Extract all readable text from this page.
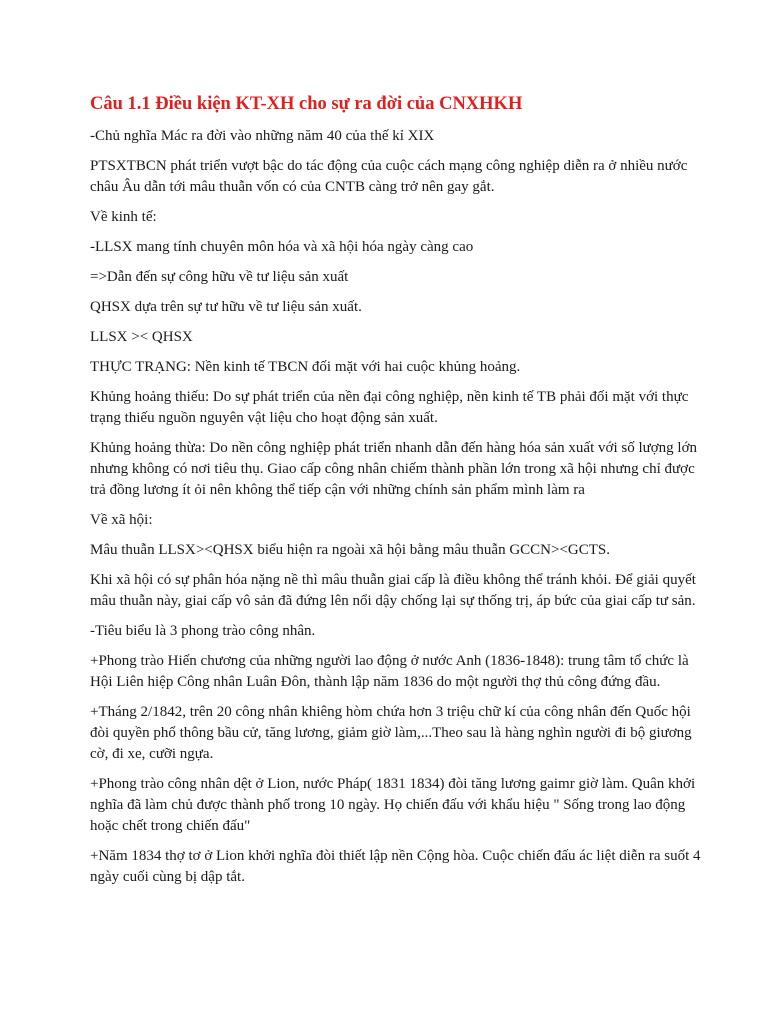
Câu 1.1 Điều kiện KT-XH cho sự ra đời của CNXHKH

-Chủ nghĩa Mác ra đời vào những năm 40 của thế kỉ XIX

PTSXTBCN phát triển vượt bậc do tác động của cuộc cách mạng công nghiệp diễn ra ở nhiều nước châu Âu dẫn tới mâu thuẫn vốn có của CNTB càng trở nên gay gắt.

Về kinh tế:

-LLSX mang tính chuyên môn hóa và xã hội hóa ngày càng cao

=>Dẫn đến sự công hữu về tư liệu sản xuất

QHSX dựa trên sự tư hữu về tư liệu sản xuất.

LLSX >< QHSX

THỰC TRẠNG: Nền kinh tế TBCN đối mặt với hai cuộc khủng hoảng.

Khủng hoảng thiếu: Do sự phát triển của nền đại công nghiệp, nền kinh tế TB phải đối mặt với thực trạng thiếu nguồn nguyên vật liệu cho hoạt động sản xuất.

Khủng hoảng thừa: Do nền công nghiệp phát triển nhanh dẫn đến hàng hóa sản xuất với số lượng lớn nhưng không có nơi tiêu thụ. Giao cấp công nhân chiếm thành phần lớn trong xã hội nhưng chỉ được trả đồng lương ít ỏi nên không thể tiếp cận với những chính sản phẩm mình làm ra

Về xã hội:

Mâu thuẫn LLSX><QHSX biểu hiện ra ngoài xã hội bằng mâu thuẫn GCCN><GCTS.

Khi xã hội có sự phân hóa nặng nề thì mâu thuẫn giai cấp là điều không thể tránh khỏi. Để giải quyết mâu thuẫn này, giai cấp vô sản đã đứng lên nổi dậy chống lại sự thống trị, áp bức của giai cấp tư sản.

-Tiêu biểu là 3 phong trào công nhân.

+Phong trào Hiến chương của những người lao động ở nước Anh (1836-1848): trung tâm tổ chức là Hội Liên hiệp Công nhân Luân Đôn, thành lập năm 1836 do một người thợ thủ công đứng đầu.

+Tháng 2/1842, trên 20 công nhân khiêng hòm chứa hơn 3 triệu chữ kí của công nhân đến Quốc hội đòi quyền phổ thông bầu cử, tăng lương, giảm giờ làm,...Theo sau là hàng nghìn người đi bộ giương cờ, đi xe, cưỡi ngựa.

+Phong trào công nhân dệt ở Lion, nước Pháp( 1831 1834) đòi tăng lương gaimr giờ làm. Quân khởi nghĩa đã làm chủ được thành phố trong 10 ngày. Họ chiến đấu với khẩu hiệu " Sống trong lao động hoặc chết trong chiến đấu"

+Năm 1834 thợ tơ ở Lion khởi nghĩa đòi thiết lập nền Cộng hòa. Cuộc chiến đấu ác liệt diễn ra suốt 4 ngày cuối cùng bị dập tắt.
